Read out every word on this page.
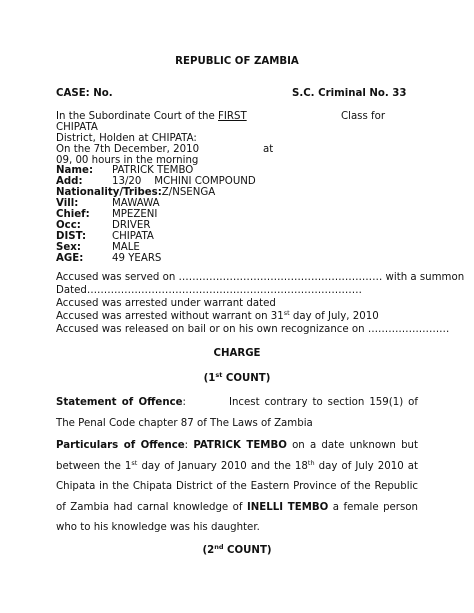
REPUBLIC OF ZAMBIA
CASE: No.	S.C. Criminal No. 33
In the Subordinate Court of the FIRST	Class for
CHIPATA
District, Holden at CHIPATA:
On the 7th December, 2010	at
09, 00 hours in the morning
Name: PATRICK TEMBO
Add:	13/20    MCHINI COMPOUND
Nationality/Tribes:Z/NSENGA
Vill:	MAWAWA
Chief: MPEZENI
Occ:	DRIVER
DIST:	CHIPATA
Sex:	MALE
AGE:	49 YEARS
Accused was served on …………………………………………………… with a summon
Dated………………………………………………………………………
Accused was arrested under warrant dated
Accused was arrested without warrant on 31st day of July, 2010
Accused was released on bail or on his own recognizance on ……………………
CHARGE
(1st COUNT)
Statement of Offence:	Incest contrary to section 159(1) of The Penal Code chapter 87 of The Laws of Zambia
Particulars of Offence: PATRICK TEMBO on a date unknown but between the 1st day of January 2010 and the 18th day of July 2010 at Chipata in the Chipata District of the Eastern Province of the Republic of Zambia had carnal knowledge of INELLI TEMBO a female person who to his knowledge was his daughter.
(2nd COUNT)
